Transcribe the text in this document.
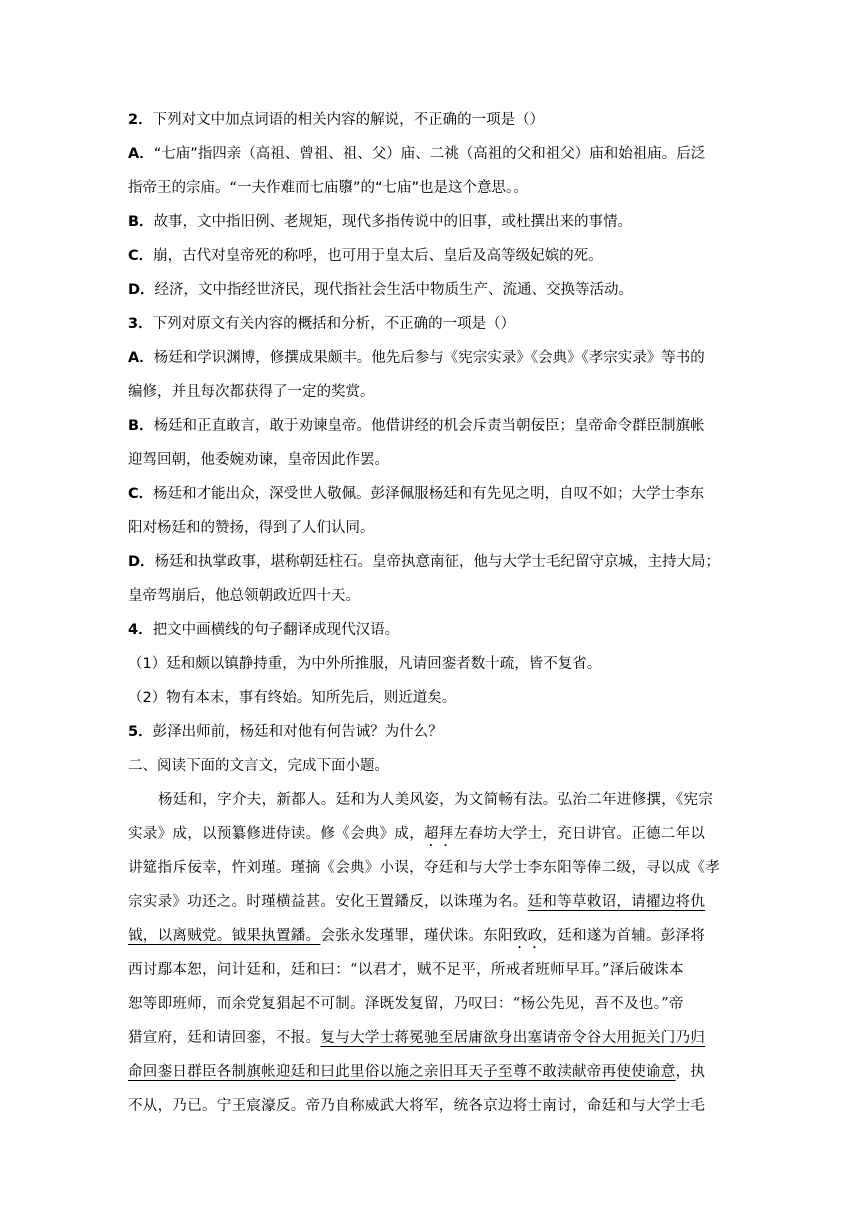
2．下列对文中加点词语的相关内容的解说，不正确的一项是（）
A．“七庙”指四亲（高祖、曾祖、祖、父）庙、二祧（高祖的父和祖父）庙和始祖庙。后泛
指帝王的宗庙。“一夫作难而七庙隳”的“七庙”也是这个意思。。
B．故事，文中指旧例、老规矩，现代多指传说中的旧事，或杜撰出来的事情。
C．崩，古代对皇帝死的称呼，也可用于皇太后、皇后及高等级妃嫔的死。
D．经济，文中指经世济民，现代指社会生活中物质生产、流通、交换等活动。
3．下列对原文有关内容的概括和分析，不正确的一项是（）
A．杨廷和学识渊博，修撰成果颇丰。他先后参与《宪宗实录》《会典》《孝宗实录》等书的
编修，并且每次都获得了一定的奖赏。
B．杨廷和正直敢言，敢于劝谏皇帝。他借讲经的机会斥责当朝佞臣；皇帝命令群臣制旗帐
迎驾回朝，他委婉劝谏，皇帝因此作罢。
C．杨廷和才能出众，深受世人敬佩。彭泽佩服杨廷和有先见之明，自叹不如；大学士李东
阳对杨廷和的赞扬，得到了人们认同。
D．杨廷和执掌政事，堪称朝廷柱石。皇帝执意南征，他与大学士毛纪留守京城，主持大局；
皇帝驾崩后，他总领朝政近四十天。
4．把文中画横线的句子翻译成现代汉语。
（1）廷和颇以镇静持重，为中外所推服，凡请回銮者数十疏，皆不复省。
（2）物有本末，事有终始。知所先后，则近道矣。
5．彭泽出师前，杨廷和对他有何告诫？为什么？
二、阅读下面的文言文，完成下面小题。
杨廷和，字介夫，新都人。廷和为人美风姿，为文简畅有法。弘治二年进修撰，《宪宗
实录》成，以预纂修进侍读。修《会典》成，超拜左春坊大学士，充日讲官。正德二年以
讲筵指斥佞幸，忤刘瑾。瑾摘《会典》小误，夺廷和与大学士李东阳等俸二级，寻以成《孝
宗实录》功还之。时瑾横益甚。安化王置鐇反，以诛瑾为名。廷和等草敕诏，请擢边将仇
钺，以离贼党。钺果执置鐇。会张永发瑾罪，瑾伏诛。东阳致政，廷和遂为首辅。彭泽将
西讨鄢本恕，问计廷和，廷和曰：“以君才，贼不足平，所戒者班师早耳。”泽后破诛本
恕等即班师，而余党复猖起不可制。泽既发复留，乃叹曰：“杨公先见，吾不及也。”帝
猎宣府，廷和请回銮，不报。复与大学士蒋冕驰至居庸欲身出塞请帝令谷大用扼关门乃归
命回銮日群臣各制旗帐迎廷和曰此里俗以施之亲旧耳天子至尊不敢渎献帝再使使谕意，执
不从，乃已。宁王宸濠反。帝乃自称威武大将军，统各京边将士南讨，命廷和与大学士毛
